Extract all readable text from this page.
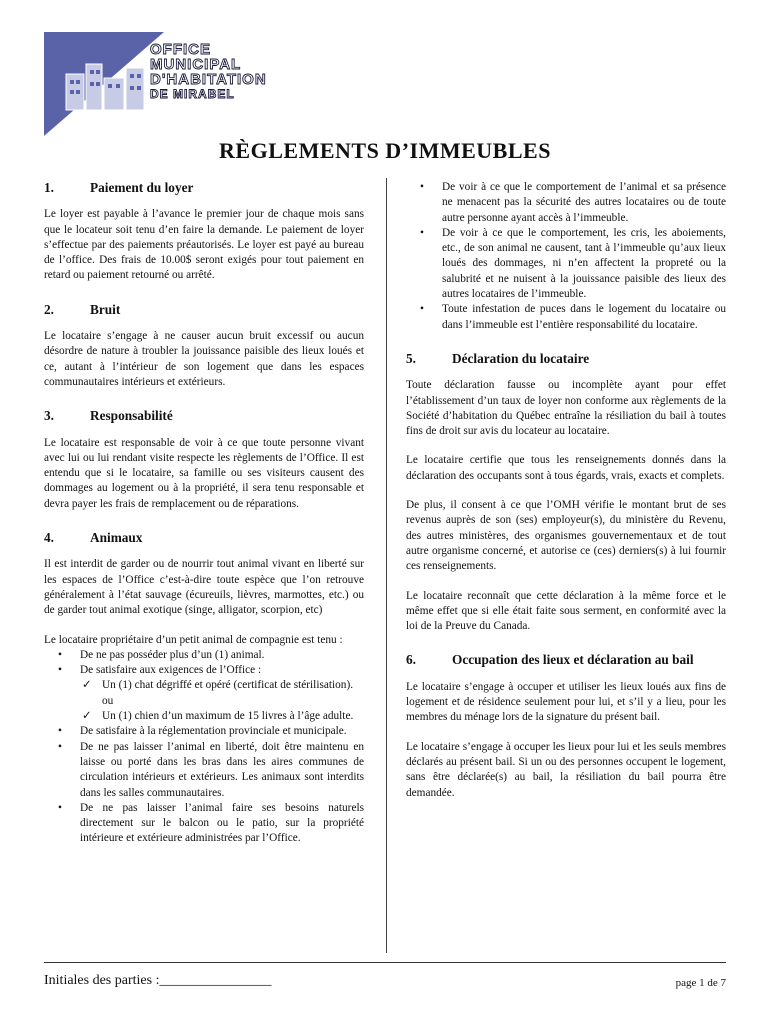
OFFICE
MUNICIPAL
D'HABITATION
DE MIRABEL
RÈGLEMENTS D’IMMEUBLES
1.	Paiement du loyer

Le loyer est payable à l’avance le premier jour de chaque mois sans que le locateur soit tenu d’en faire la demande. Le paiement de loyer s’effectue par des paiements préautorisés. Le loyer est payé au bureau de l’office. Des frais de 10.00$ seront exigés pour tout paiement en retard ou paiement retourné ou arrêté.

2.	Bruit

Le locataire s’engage à ne causer aucun bruit excessif ou aucun désordre de nature à troubler la jouissance paisible des lieux loués et ce, autant à l’intérieur de son logement que dans les espaces communautaires intérieurs et extérieurs.

3.	Responsabilité

Le locataire est responsable de voir à ce que toute personne vivant avec lui ou lui rendant visite respecte les règlements de l’Office. Il est entendu que si le locataire, sa famille ou ses visiteurs causent des dommages au logement ou à la propriété, il sera tenu responsable et devra payer les frais de remplacement ou de réparations.

4.	Animaux

Il est interdit de garder ou de nourrir tout animal vivant en liberté sur les espaces de l’Office c’est-à-dire toute espèce que l’on retrouve généralement à l’état sauvage (écureuils, lièvres, marmottes, etc.) ou de garder tout animal exotique (singe, alligator, scorpion, etc)

Le locataire propriétaire d’un petit animal de compagnie est tenu :

• De ne pas posséder plus d’un (1) animal.
• De satisfaire aux exigences de l’Office :
✓ Un (1) chat dégriffé et opéré (certificat de stérilisation).
ou
✓ Un (1) chien d’un maximum de 15 livres à l’âge adulte.
• De satisfaire à la réglementation provinciale et municipale.
• De ne pas laisser l’animal en liberté, doit être maintenu en laisse ou porté dans les bras dans les aires communes de circulation intérieurs et extérieurs. Les animaux sont interdits dans les salles communautaires.
• De ne pas laisser l’animal faire ses besoins naturels directement sur le balcon ou le patio, sur la propriété intérieure et extérieure administrées par l’Office.
• De voir à ce que le comportement de l’animal et sa présence ne menacent pas la sécurité des autres locataires ou de toute autre personne ayant accès à l’immeuble.
• De voir à ce que le comportement, les cris, les aboiements, etc., de son animal ne causent, tant à l’immeuble qu’aux lieux loués des dommages, ni n’en affectent la propreté ou la salubrité et ne nuisent à la jouissance paisible des lieux des autres locataires de l’immeuble.
• Toute infestation de puces dans le logement du locataire ou dans l’immeuble est l’entière responsabilité du locataire.
5.	Déclaration du locataire

Toute déclaration fausse ou incomplète ayant pour effet l’établissement d’un taux de loyer non conforme aux règlements de la Société d’habitation du Québec entraîne la résiliation du bail à toutes fins de droit sur avis du locateur au locataire.

Le locataire certifie que tous les renseignements donnés dans la déclaration des occupants sont à tous égards, vrais, exacts et complets.

De plus, il consent à ce que l’OMH vérifie le montant brut de ses revenus auprès de son (ses) employeur(s), du ministère du Revenu, des autres ministères, des organismes gouvernementaux et de tout autre organisme concerné, et autorise ce (ces) derniers(s) à lui fournir ces renseignements.

Le locataire reconnaît que cette déclaration à la même force et le même effet que si elle était faite sous serment, en conformité avec la loi de la Preuve du Canada.

6.	Occupation des lieux et déclaration au bail

Le locataire s’engage à occuper et utiliser les lieux loués aux fins de logement et de résidence seulement pour lui, et s’il y a lieu, pour les membres du ménage lors de la signature du présent bail.

Le locataire s’engage à occuper les lieux pour lui et les seuls membres déclarés au présent bail. Si un ou des personnes occupent le logement, sans être déclarée(s) au bail, la résiliation du bail pourra être demandée.

Initiales des parties :________________	page 1 de 7
